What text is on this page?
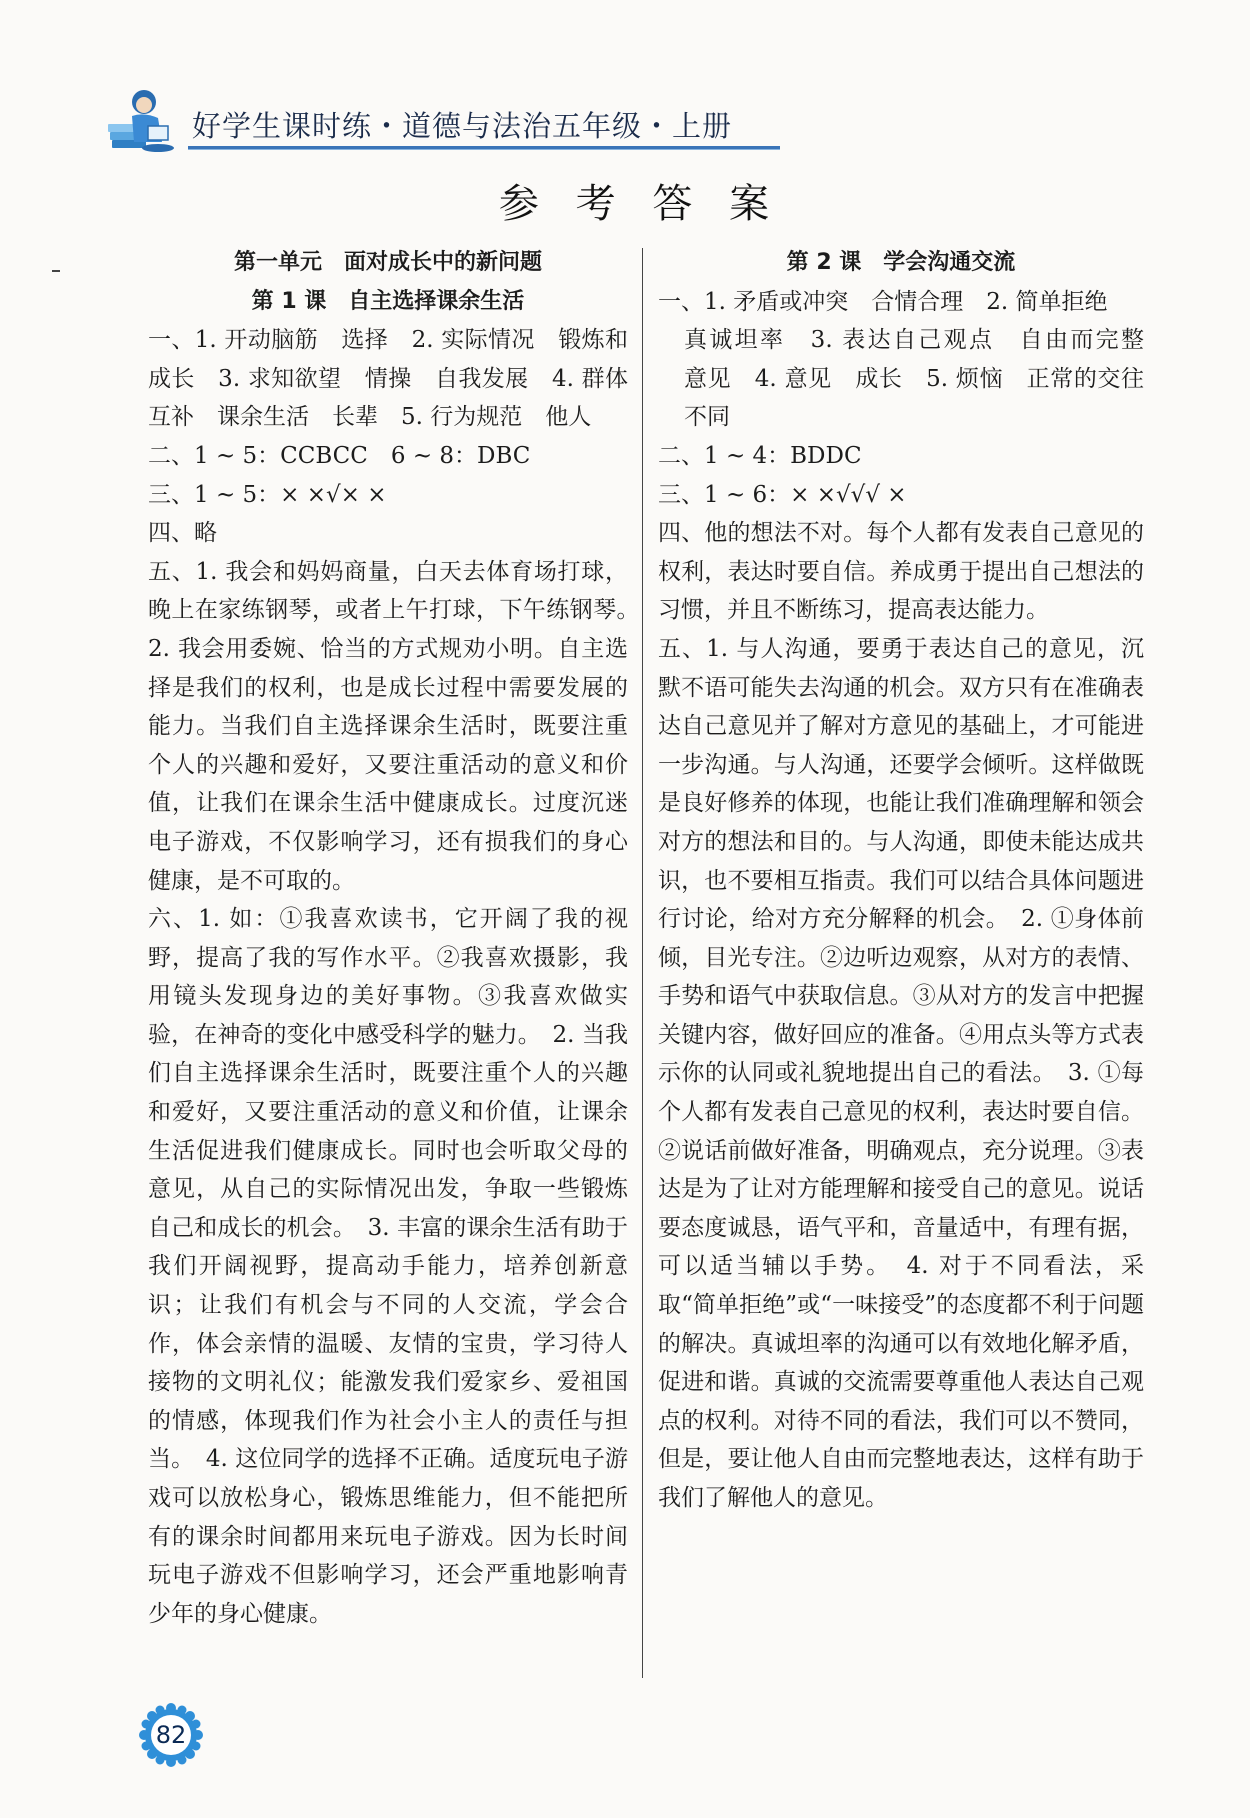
好学生课时练・道德与法治五年级・上册
参 考 答 案

第一单元　面对成长中的新问题

第 1 课　自主选择课余生活

一、1. 开动脑筋　选择　2. 实际情况　锻炼和成长　3. 求知欲望　情操　自我发展　4. 群体　互补　课余生活　长辈　5. 行为规范　他人

二、1 ~ 5：CCBCC　6 ~ 8：DBC

三、1 ~ 5：× ×√× ×

四、略

五、1. 我会和妈妈商量，白天去体育场打球，晚上在家练钢琴，或者上午打球，下午练钢琴。　2. 我会用委婉、恰当的方式规劝小明。自主选择是我们的权利，也是成长过程中需要发展的能力。当我们自主选择课余生活时，既要注重个人的兴趣和爱好，又要注重活动的意义和价值，让我们在课余生活中健康成长。过度沉迷电子游戏，不仅影响学习，还有损我们的身心健康，是不可取的。

六、1. 如：①我喜欢读书，它开阔了我的视野，提高了我的写作水平。②我喜欢摄影，我用镜头发现身边的美好事物。③我喜欢做实验，在神奇的变化中感受科学的魅力。　2. 当我们自主选择课余生活时，既要注重个人的兴趣和爱好，又要注重活动的意义和价值，让课余生活促进我们健康成长。同时也会听取父母的意见，从自己的实际情况出发，争取一些锻炼自己和成长的机会。　3. 丰富的课余生活有助于我们开阔视野，提高动手能力，培养创新意识；让我们有机会与不同的人交流，学会合作，体会亲情的温暖、友情的宝贵，学习待人接物的文明礼仪；能激发我们爱家乡、爱祖国的情感，体现我们作为社会小主人的责任与担当。　4. 这位同学的选择不正确。适度玩电子游戏可以放松身心，锻炼思维能力，但不能把所有的课余时间都用来玩电子游戏。因为长时间玩电子游戏不但影响学习，还会严重地影响青少年的身心健康。

第 2 课　学会沟通交流

一、1. 矛盾或冲突　合情合理　2. 简单拒绝

真诚坦率　3. 表达自己观点　自由而完整　意见　4. 意见　成长　5. 烦恼　正常的交往　不同

二、1 ~ 4：BDDC

三、1 ~ 6：× ×√√√ ×

四、他的想法不对。每个人都有发表自己意见的权利，表达时要自信。养成勇于提出自己想法的习惯，并且不断练习，提高表达能力。

五、1. 与人沟通，要勇于表达自己的意见，沉默不语可能失去沟通的机会。双方只有在准确表达自己意见并了解对方意见的基础上，才可能进一步沟通。与人沟通，还要学会倾听。这样做既是良好修养的体现，也能让我们准确理解和领会对方的想法和目的。与人沟通，即使未能达成共识，也不要相互指责。我们可以结合具体问题进行讨论，给对方充分解释的机会。　2. ①身体前倾，目光专注。②边听边观察，从对方的表情、手势和语气中获取信息。③从对方的发言中把握关键内容，做好回应的准备。④用点头等方式表示你的认同或礼貌地提出自己的看法。　3. ①每个人都有发表自己意见的权利，表达时要自信。②说话前做好准备，明确观点，充分说理。③表达是为了让对方能理解和接受自己的意见。说话要态度诚恳，语气平和，音量适中，有理有据，可以适当辅以手势。　4. 对于不同看法，采取“简单拒绝”或“一味接受”的态度都不利于问题的解决。真诚坦率的沟通可以有效地化解矛盾，促进和谐。真诚的交流需要尊重他人表达自己观点的权利。对待不同的看法，我们可以不赞同，但是，要让他人自由而完整地表达，这样有助于我们了解他人的意见。

82
